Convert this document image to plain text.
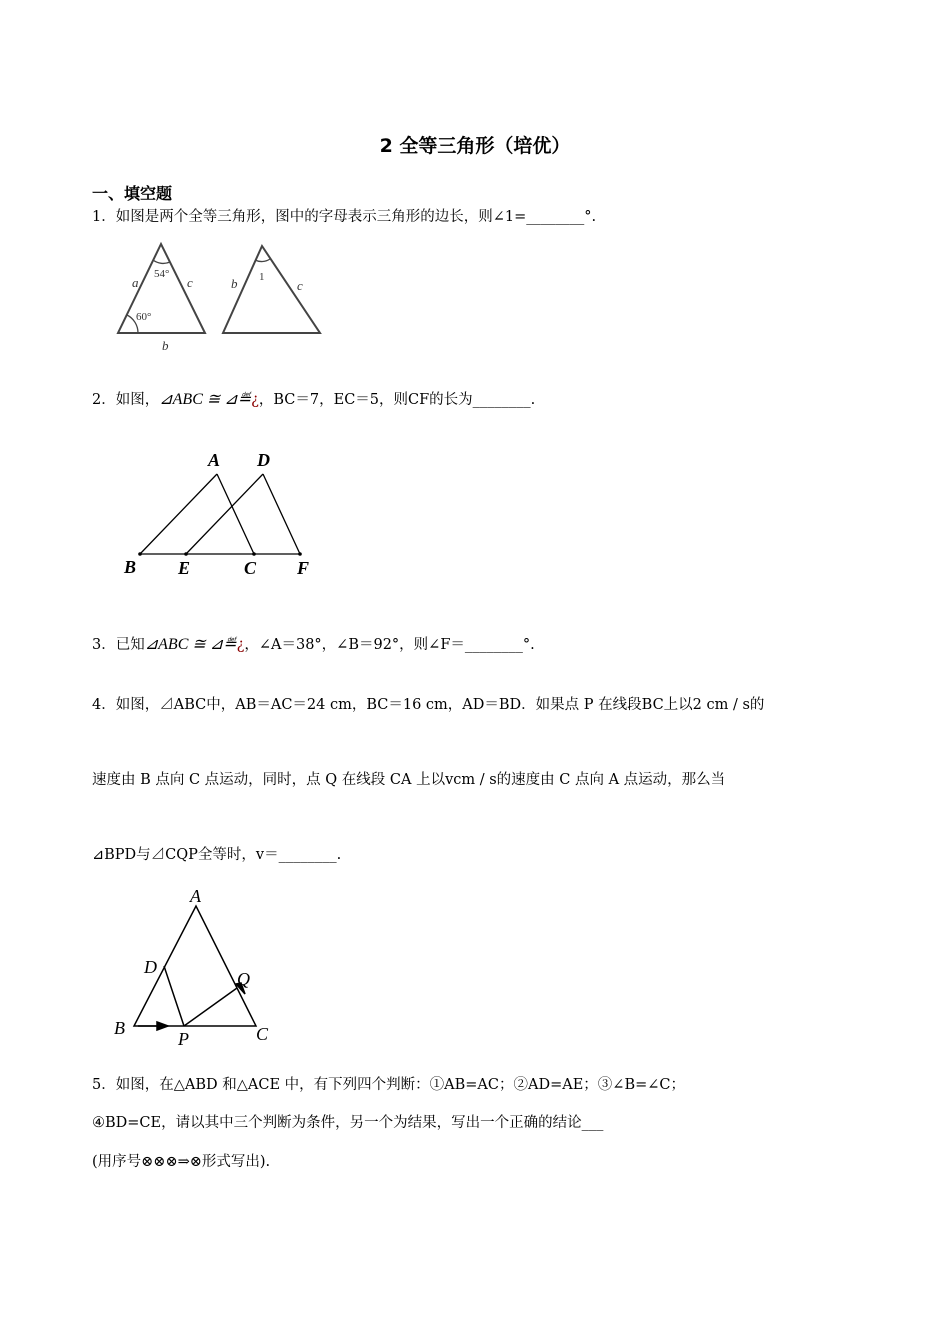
2 全等三角形（培优）
一、填空题
1．如图是两个全等三角形，图中的字母表示三角形的边长，则∠1=________°.
a	c
b
b	c
54°
60°
1
2．如图，⊿ABC ≅ ⊿≝¿，BC＝7，EC＝5，则CF的长为________.
A D
B E	C F
3．已知⊿ABC ≅ ⊿≝¿，∠A＝38°，∠B＝92°，则∠F＝________°.
4．如图，⊿ABC中，AB＝AC＝24 cm，BC＝16 cm，AD＝BD．如果点 P 在线段BC上以2 cm / s的
速度由 B 点向 C 点运动，同时，点 Q 在线段 CA 上以vcm / s的速度由 C 点向 A 点运动，那么当
⊿BPD与⊿CQP全等时，v＝________.
A
D
Q
B
P	C
5．如图，在△ABD 和△ACE 中，有下列四个判断：①AB=AC；②AD=AE；③∠B=∠C；
④BD=CE，请以其中三个判断为条件，另一个为结果，写出一个正确的结论___
(用序号⊗⊗⊗⇒⊗形式写出).
